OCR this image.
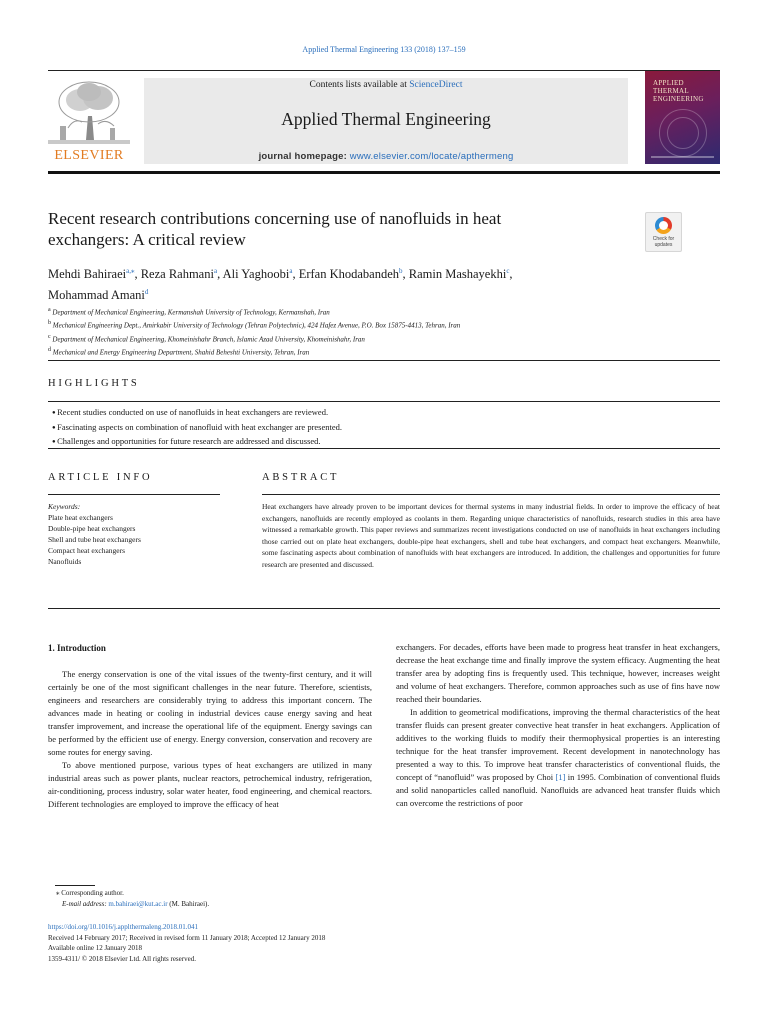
Applied Thermal Engineering 133 (2018) 137–159
ELSEVIER
Contents lists available at ScienceDirect
Applied Thermal Engineering
journal homepage: www.elsevier.com/locate/apthermeng
APPLIED
THERMAL
ENGINEERING
Recent research contributions concerning use of nanofluids in heat
exchangers: A critical review	Check for updates
Mehdi Bahiraei$^{a,⁎}$, Reza Rahmani$^a$, Ali Yaghoobi$^a$, Erfan Khodabandeh$^b$, Ramin Mashayekhi$^c$,
Mohammad Amani$^d$
$^a$ Department of Mechanical Engineering, Kermanshah University of Technology, Kermanshah, Iran
$^b$ Mechanical Engineering Dept., Amirkabir University of Technology (Tehran Polytechnic), 424 Hafez Avenue, P.O. Box 15875-4413, Tehran, Iran
$^c$ Department of Mechanical Engineering, Khomeinishahr Branch, Islamic Azad University, Khomeinishahr, Iran
$^d$ Mechanical and Energy Engineering Department, Shahid Beheshti University, Tehran, Iran
HIGHLIGHTS
● Recent studies conducted on use of nanofluids in heat exchangers are reviewed.
● Fascinating aspects on combination of nanofluid with heat exchanger are presented.
● Challenges and opportunities for future research are addressed and discussed.
ARTICLE INFO	ABSTRACT
Keywords:
Plate heat exchangers
Double-pipe heat exchangers
Shell and tube heat exchangers
Compact heat exchangers
Nanofluids
Heat exchangers have already proven to be important devices for thermal systems in many industrial fields. In order to improve the efficacy of heat exchangers, nanofluids are recently employed as coolants in them. Regarding unique characteristics of nanofluids, research studies in this area have witnessed a remarkable growth. This paper reviews and summarizes recent investigations conducted on use of nanofluids in heat exchangers including those carried out on plate heat exchangers, double-pipe heat exchangers, shell and tube heat exchangers, and compact heat exchangers. Meanwhile, some fascinating aspects about combination of nanofluids with heat exchangers are introduced. In addition, the challenges and opportunities for future research are presented and discussed.
1. Introduction

The energy conservation is one of the vital issues of the twenty-first century, and it will certainly be one of the most significant challenges in the near future. Therefore, scientists, engineers and researchers are considerably trying to address this important concern. The advances made in heating or cooling in industrial devices cause energy saving and heat transfer improvement, and increase the operational life of the equipment. Energy savings can be performed by the efficient use of energy. Energy conversion, conservation and recovery are some routes for energy saving.

To above mentioned purpose, various types of heat exchangers are utilized in many industrial areas such as power plants, nuclear reactors, petrochemical industry, refrigeration, air-conditioning, process industry, solar water heater, food engineering, and chemical reactors. Different technologies are employed to improve the efficacy of heat

exchangers. For decades, efforts have been made to progress heat transfer in heat exchangers, decrease the heat exchange time and finally improve the system efficacy. Augmenting the heat transfer area by adopting fins is frequently used. This technique, however, increases weight and volume of heat exchangers. Therefore, common approaches such as use of fins have now reached their boundaries.

In addition to geometrical modifications, improving the thermal characteristics of the heat transfer fluids can present greater convective heat transfer in heat exchangers. Application of additives to the working fluids to modify their thermophysical properties is an interesting technique for the heat transfer improvement. Recent development in nanotechnology has presented a way to this. To improve heat transfer characteristics of conventional fluids, the concept of “nanofluid” was proposed by Choi [1] in 1995. Combination of conventional fluids and solid nanoparticles called nanofluid. Nanofluids are advanced heat transfer fluids which can overcome the restrictions of poor

⁎ Corresponding author.
E-mail address: m.bahiraei@kut.ac.ir (M. Bahiraei).
https://doi.org/10.1016/j.applthermaleng.2018.01.041
Received 14 February 2017; Received in revised form 11 January 2018; Accepted 12 January 2018
Available online 12 January 2018
1359-4311/ © 2018 Elsevier Ltd. All rights reserved.
